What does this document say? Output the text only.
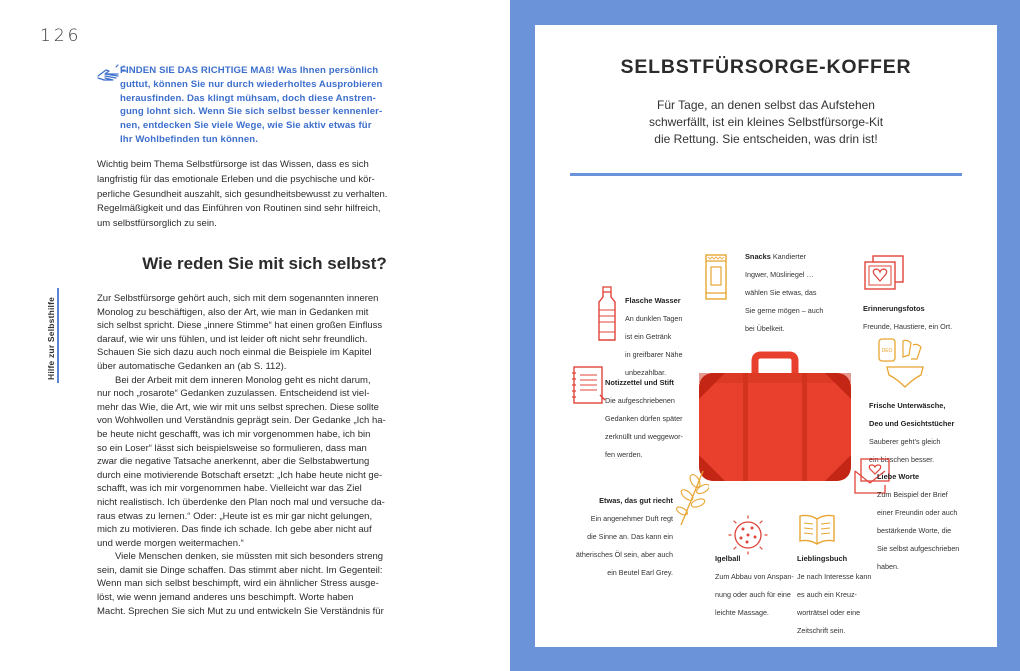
126
Hilfe zur Selbsthilfe
FINDEN SIE DAS RICHTIGE MAß! Was Ihnen persönlich
guttut, können Sie nur durch wiederholtes Ausprobieren
herausfinden. Das klingt mühsam, doch diese Anstren-
gung lohnt sich. Wenn Sie sich selbst besser kennenler-
nen, entdecken Sie viele Wege, wie Sie aktiv etwas für
Ihr Wohlbefinden tun können.
Wichtig beim Thema Selbstfürsorge ist das Wissen, dass es sich
langfristig für das emotionale Erleben und die psychische und kör-
perliche Gesundheit auszahlt, sich gesundheitsbewusst zu verhalten.
Regelmäßigkeit und das Einführen von Routinen sind sehr hilfreich,
um selbstfürsorglich zu sein.
Wie reden Sie mit sich selbst?
Zur Selbstfürsorge gehört auch, sich mit dem sogenannten inneren
Monolog zu beschäftigen, also der Art, wie man in Gedanken mit
sich selbst spricht. Diese „innere Stimme“ hat einen großen Einfluss
darauf, wie wir uns fühlen, und ist leider oft nicht sehr freundlich.
Schauen Sie sich dazu auch noch einmal die Beispiele im Kapitel
über automatische Gedanken an (ab S. 112).
Bei der Arbeit mit dem inneren Monolog geht es nicht darum,
nur noch „rosarote“ Gedanken zuzulassen. Entscheidend ist viel-
mehr das Wie, die Art, wie wir mit uns selbst sprechen. Diese sollte
von Wohlwollen und Verständnis geprägt sein. Der Gedanke „Ich ha-
be heute nicht geschafft, was ich mir vorgenommen habe, ich bin
so ein Loser“ lässt sich beispielsweise so formulieren, dass man
zwar die negative Tatsache anerkennt, aber die Selbstabwertung
durch eine motivierende Botschaft ersetzt: „Ich habe heute nicht ge-
schafft, was ich mir vorgenommen habe. Vielleicht war das Ziel
nicht realistisch. Ich überdenke den Plan noch mal und versuche da-
raus etwas zu lernen.“ Oder: „Heute ist es mir gar nicht gelungen,
mich zu motivieren. Das finde ich schade. Ich gebe aber nicht auf
und werde morgen weitermachen.“
Viele Menschen denken, sie müssten mit sich besonders streng
sein, damit sie Dinge schaffen. Das stimmt aber nicht. Im Gegenteil:
Wenn man sich selbst beschimpft, wird ein ähnlicher Stress ausge-
löst, wie wenn jemand anderes uns beschimpft. Worte haben
Macht. Sprechen Sie sich Mut zu und entwickeln Sie Verständnis für
SELBSTFÜRSORGE-KOFFER
Für Tage, an denen selbst das Aufstehen
schwerfällt, ist ein kleines Selbstfürsorge-Kit
die Rettung. Sie entscheiden, was drin ist!
Snacks Kandierter
Ingwer, Müsliriegel …
wählen Sie etwas, das
Sie gerne mögen – auch
bei Übelkeit.
Flasche Wasser
An dunklen Tagen
ist ein Getränk
in greifbarer Nähe
unbezahlbar.
Erinnerungsfotos
Freunde, Haustiere, ein Ort.
Notizzettel und Stift
Die aufgeschriebenen
Gedanken dürfen später
zerknüllt und weggewor-
fen werden.
DEO
Frische Unterwäsche,
Deo und Gesichtstücher
Sauberer geht’s gleich
ein bisschen besser.
Liebe Worte
Zum Beispiel der Brief
einer Freundin oder auch
bestärkende Worte, die
Sie selbst aufgeschrieben
haben.
Etwas, das gut riecht
Ein angenehmer Duft regt
die Sinne an. Das kann ein
ätherisches Öl sein, aber auch
ein Beutel Earl Grey.
Igelball
Zum Abbau von Anspan-
nung oder auch für eine
leichte Massage.
Lieblingsbuch
Je nach Interesse kann
es auch ein Kreuz-
worträtsel oder eine
Zeitschrift sein.
